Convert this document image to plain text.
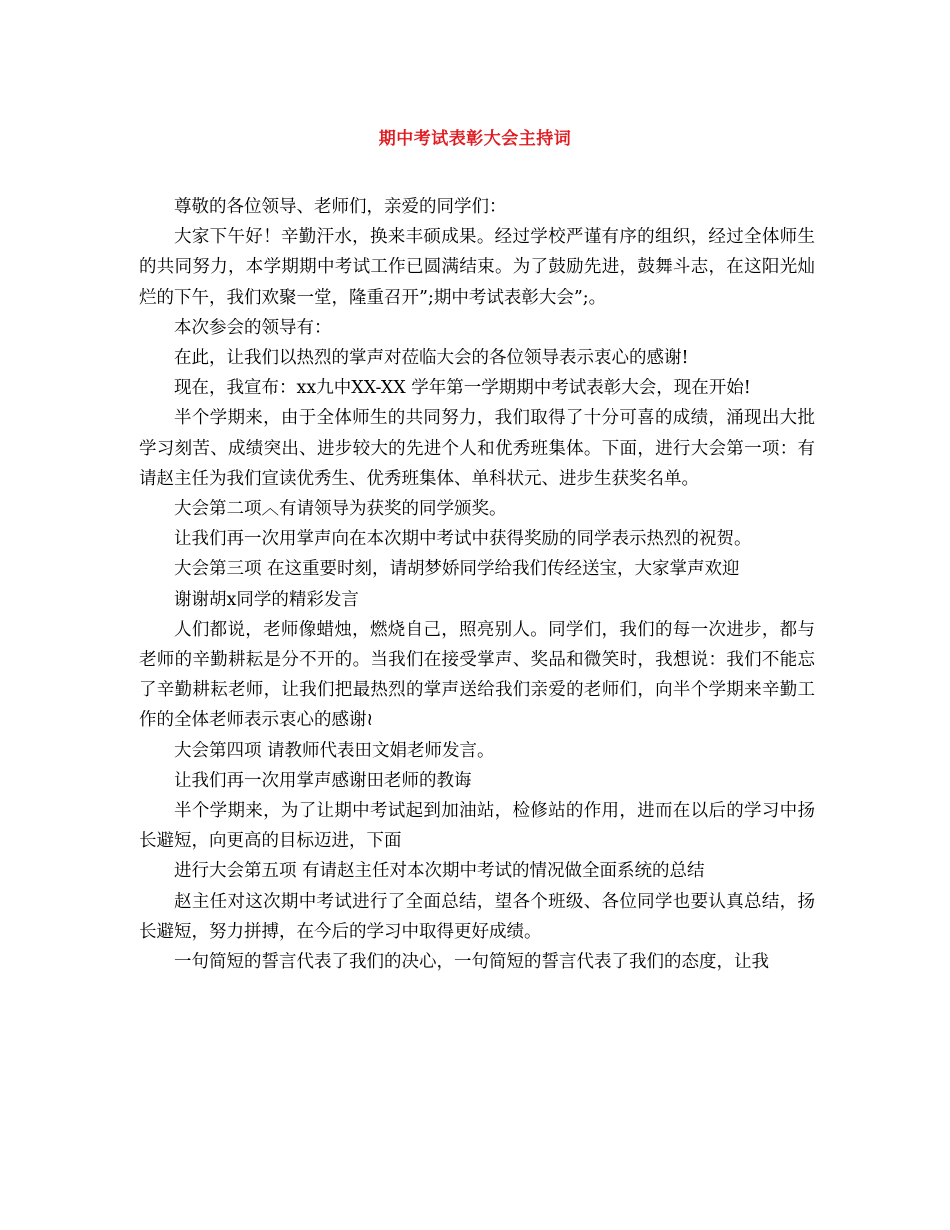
期中考试表彰大会主持词

尊敬的各位领导、老师们，亲爱的同学们：

大家下午好！辛勤汗水，换来丰硕成果。经过学校严谨有序的组织，经过全体师生的共同努力，本学期期中考试工作已圆满结束。为了鼓励先进，鼓舞斗志，在这阳光灿烂的下午，我们欢聚一堂，隆重召开”;期中考试表彰大会”;。

本次参会的领导有：

在此，让我们以热烈的掌声对莅临大会的各位领导表示衷心的感谢!

现在，我宣布：xx九中XX-XX 学年第一学期期中考试表彰大会，现在开始!

半个学期来，由于全体师生的共同努力，我们取得了十分可喜的成绩，涌现出大批学习刻苦、成绩突出、进步较大的先进个人和优秀班集体。下面，进行大会第一项：有请赵主任为我们宣读优秀生、优秀班集体、单科状元、进步生获奖名单。

大会第二项︿有请领导为获奖的同学颁奖。

让我们再一次用掌声向在本次期中考试中获得奖励的同学表示热烈的祝贺。

大会第三项 在这重要时刻，请胡梦娇同学给我们传经送宝，大家掌声欢迎

谢谢胡x同学的精彩发言

人们都说，老师像蜡烛，燃烧自己，照亮别人。同学们，我们的每一次进步，都与老师的辛勤耕耘是分不开的。当我们在接受掌声、奖品和微笑时，我想说：我们不能忘了辛勤耕耘老师，让我们把最热烈的掌声送给我们亲爱的老师们，向半个学期来辛勤工作的全体老师表示衷心的感谢≀

大会第四项 请教师代表田文娟老师发言。

让我们再一次用掌声感谢田老师的教诲

半个学期来，为了让期中考试起到加油站，检修站的作用，进而在以后的学习中扬长避短，向更高的目标迈进，下面

进行大会第五项 有请赵主任对本次期中考试的情况做全面系统的总结

赵主任对这次期中考试进行了全面总结，望各个班级、各位同学也要认真总结，扬长避短，努力拼搏，在今后的学习中取得更好成绩。

一句简短的誓言代表了我们的决心，一句简短的誓言代表了我们的态度，让我
